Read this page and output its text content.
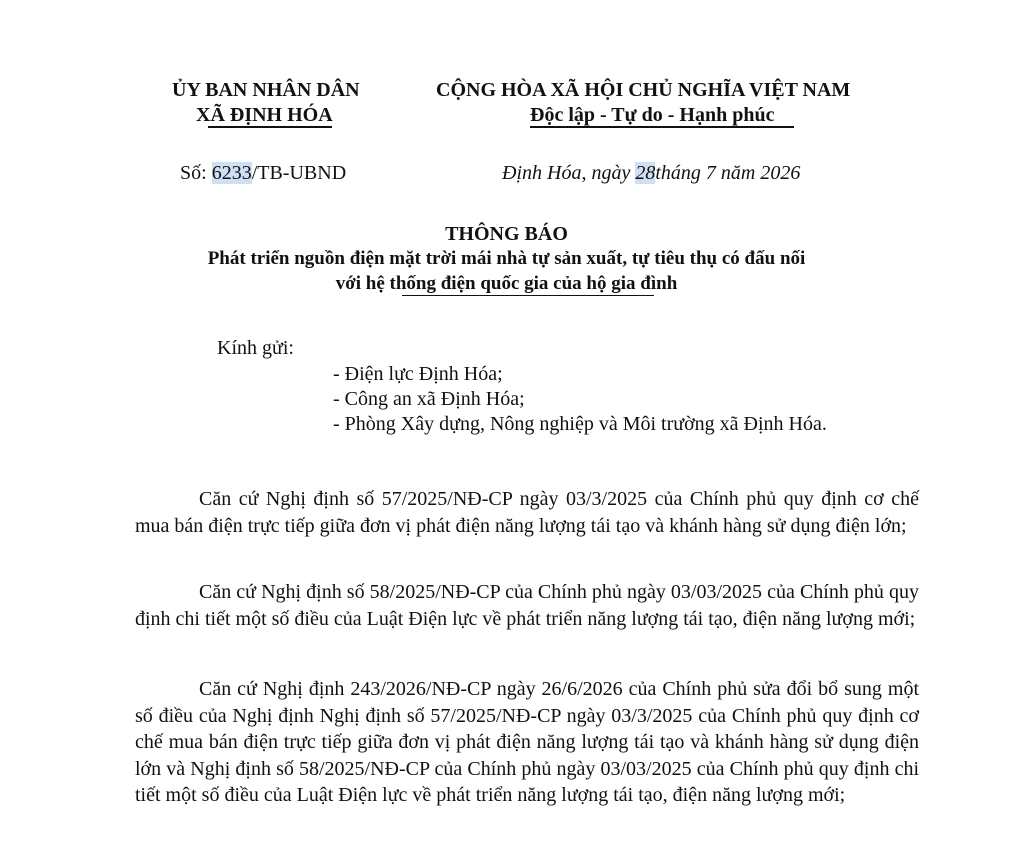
ỦY BAN NHÂN DÂN
XÃ ĐỊNH HÓA
CỘNG HÒA XÃ HỘI CHỦ NGHĨA VIỆT NAM
Độc lập - Tự do - Hạnh phúc
Số: 6233/TB-UBND	Định Hóa, ngày 28tháng 7 năm 2026
THÔNG BÁO
Phát triển nguồn điện mặt trời mái nhà tự sản xuất, tự tiêu thụ có đấu nối
với hệ thống điện quốc gia của hộ gia đình
Kính gửi:
- Điện lực Định Hóa;
- Công an xã Định Hóa;
- Phòng Xây dựng, Nông nghiệp và Môi trường xã Định Hóa.

Căn cứ Nghị định số 57/2025/NĐ-CP ngày 03/3/2025 của Chính phủ quy định cơ chế mua bán điện trực tiếp giữa đơn vị phát điện năng lượng tái tạo và khánh hàng sử dụng điện lớn;

Căn cứ Nghị định số 58/2025/NĐ-CP của Chính phủ ngày 03/03/2025 của Chính phủ quy định chi tiết một số điều của Luật Điện lực về phát triển năng lượng tái tạo, điện năng lượng mới;

Căn cứ Nghị định 243/2026/NĐ-CP ngày 26/6/2026 của Chính phủ sửa đổi bổ sung một số điều của Nghị định Nghị định số 57/2025/NĐ-CP ngày 03/3/2025 của Chính phủ quy định cơ chế mua bán điện trực tiếp giữa đơn vị phát điện năng lượng tái tạo và khánh hàng sử dụng điện lớn và Nghị định số 58/2025/NĐ-CP của Chính phủ ngày 03/03/2025 của Chính phủ quy định chi tiết một số điều của Luật Điện lực về phát triển năng lượng tái tạo, điện năng lượng mới;
